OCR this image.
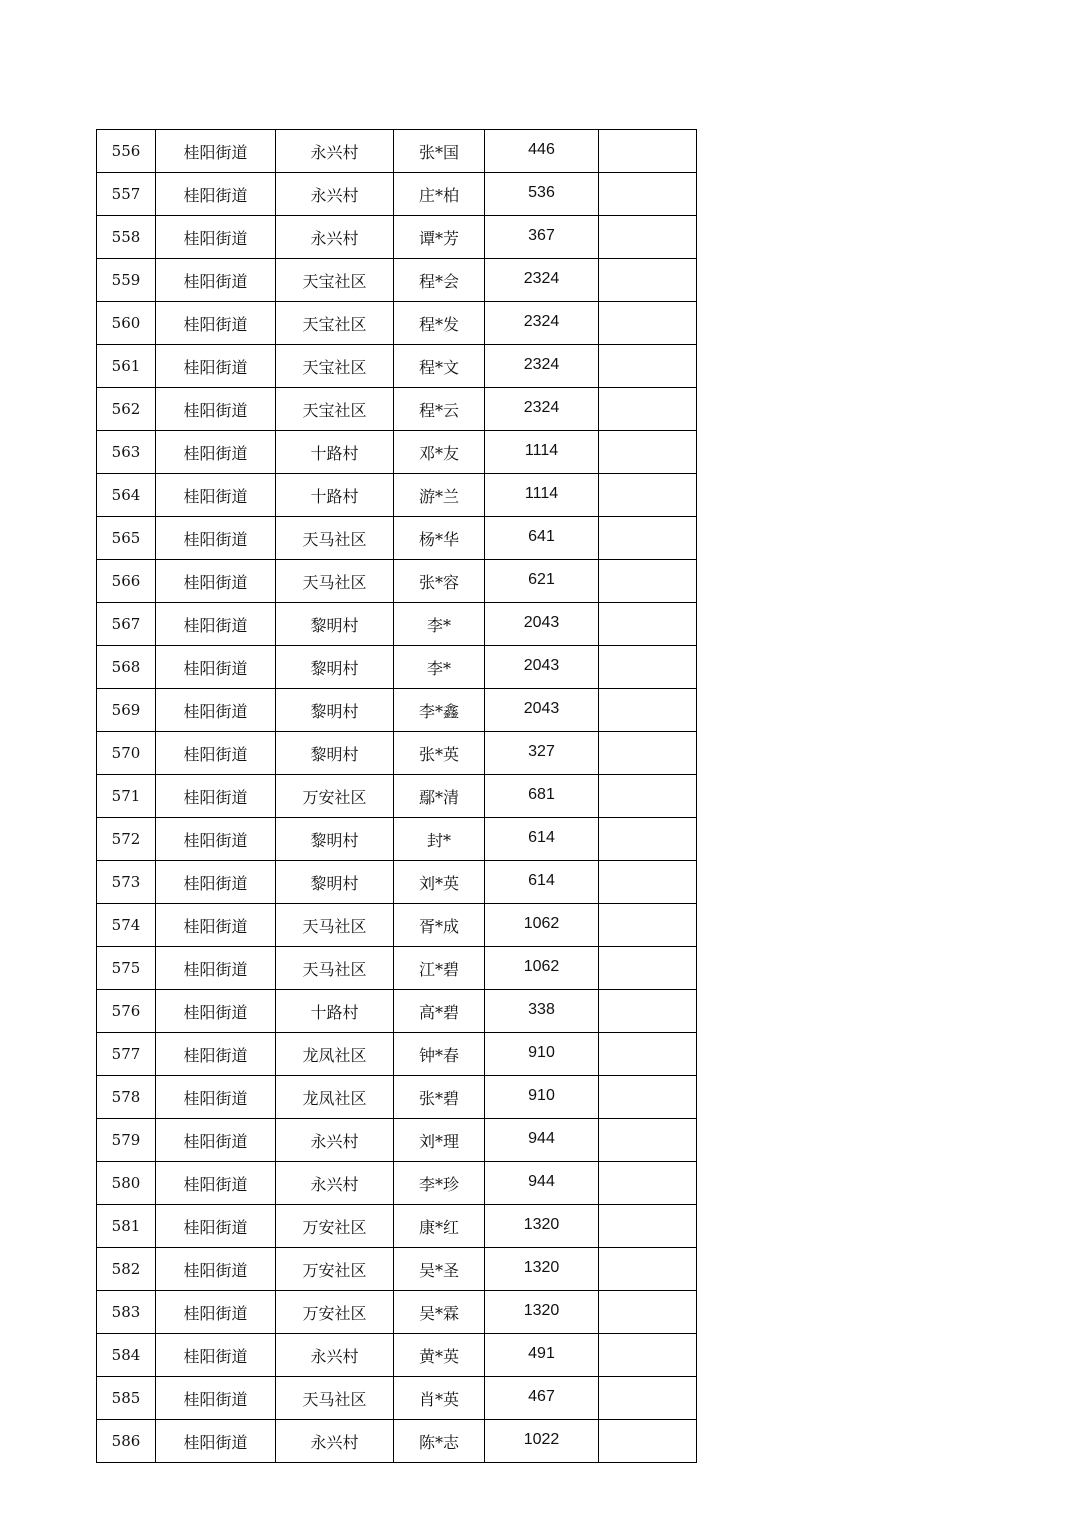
556	桂阳街道	永兴村	张*国	446	
557	桂阳街道	永兴村	庄*柏	536	
558	桂阳街道	永兴村	谭*芳	367	
559	桂阳街道	天宝社区	程*会	2324	
560	桂阳街道	天宝社区	程*发	2324	
561	桂阳街道	天宝社区	程*文	2324	
562	桂阳街道	天宝社区	程*云	2324	
563	桂阳街道	十路村	邓*友	1114	
564	桂阳街道	十路村	游*兰	1114	
565	桂阳街道	天马社区	杨*华	641	
566	桂阳街道	天马社区	张*容	621	
567	桂阳街道	黎明村	李*	2043	
568	桂阳街道	黎明村	李*	2043	
569	桂阳街道	黎明村	李*鑫	2043	
570	桂阳街道	黎明村	张*英	327	
571	桂阳街道	万安社区	鄢*清	681	
572	桂阳街道	黎明村	封*	614	
573	桂阳街道	黎明村	刘*英	614	
574	桂阳街道	天马社区	胥*成	1062	
575	桂阳街道	天马社区	江*碧	1062	
576	桂阳街道	十路村	高*碧	338	
577	桂阳街道	龙凤社区	钟*春	910	
578	桂阳街道	龙凤社区	张*碧	910	
579	桂阳街道	永兴村	刘*理	944	
580	桂阳街道	永兴村	李*珍	944	
581	桂阳街道	万安社区	康*红	1320	
582	桂阳街道	万安社区	吴*圣	1320	
583	桂阳街道	万安社区	吴*霖	1320	
584	桂阳街道	永兴村	黄*英	491	
585	桂阳街道	天马社区	肖*英	467	
586	桂阳街道	永兴村	陈*志	1022	
